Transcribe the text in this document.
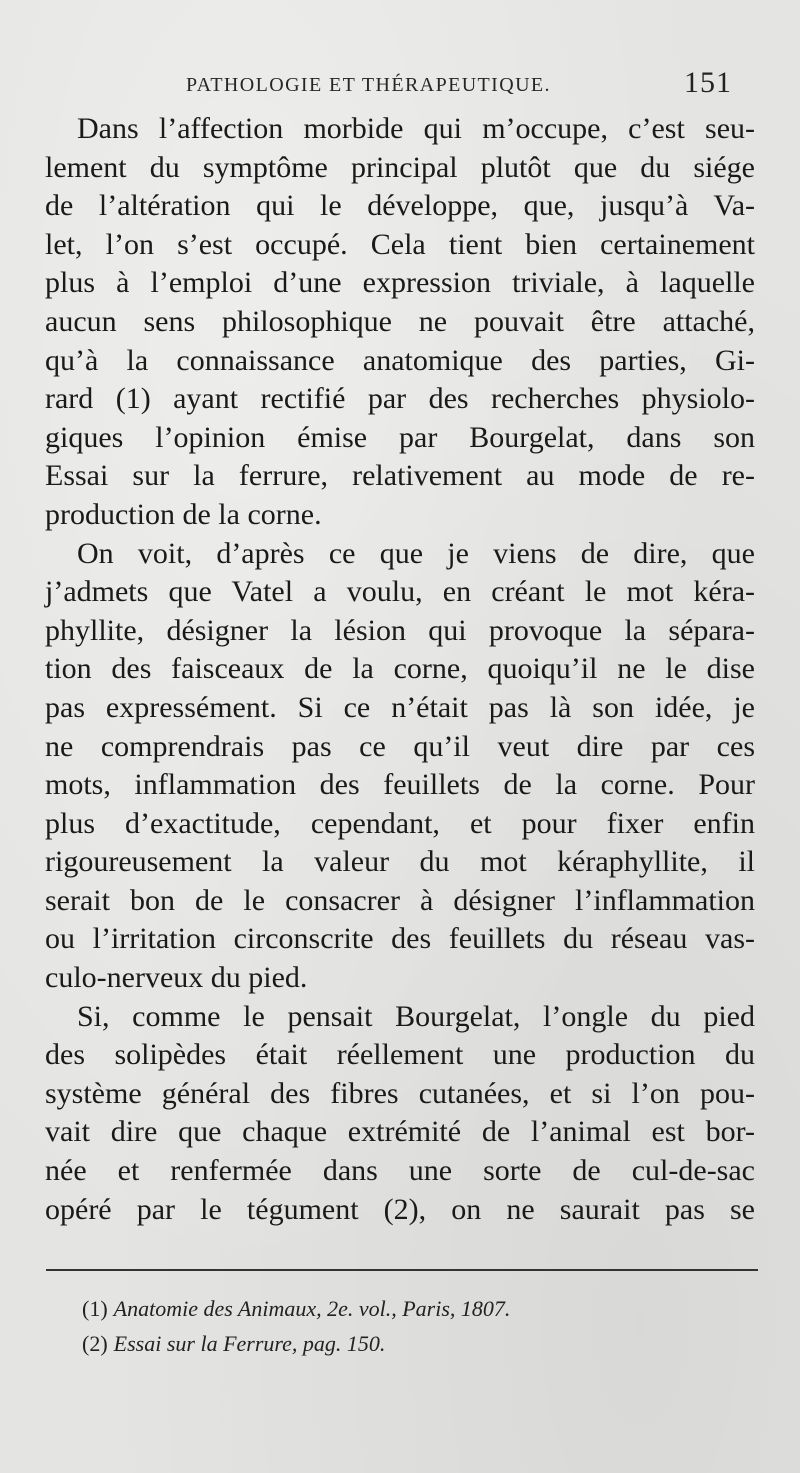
PATHOLOGIE ET THÉRAPEUTIQUE.	151
Dans l’affection morbide qui m’occupe, c’est seu-
lement du symptôme principal plutôt que du siége
de l’altération qui le développe, que, jusqu’à Va-
let, l’on s’est occupé. Cela tient bien certainement
plus à l’emploi d’une expression triviale, à laquelle
aucun sens philosophique ne pouvait être attaché,
qu’à la connaissance anatomique des parties, Gi-
rard (1) ayant rectifié par des recherches physiolo-
giques l’opinion émise par Bourgelat, dans son
Essai sur la ferrure, relativement au mode de re-
production de la corne.
On voit, d’après ce que je viens de dire, que
j’admets que Vatel a voulu, en créant le mot kéra-
phyllite, désigner la lésion qui provoque la sépara-
tion des faisceaux de la corne, quoiqu’il ne le dise
pas expressément. Si ce n’était pas là son idée, je
ne comprendrais pas ce qu’il veut dire par ces
mots, inflammation des feuillets de la corne. Pour
plus d’exactitude, cependant, et pour fixer enfin
rigoureusement la valeur du mot kéraphyllite, il
serait bon de le consacrer à désigner l’inflammation
ou l’irritation circonscrite des feuillets du réseau vas-
culo-nerveux du pied.
Si, comme le pensait Bourgelat, l’ongle du pied
des solipèdes était réellement une production du
système général des fibres cutanées, et si l’on pou-
vait dire que chaque extrémité de l’animal est bor-
née et renfermée dans une sorte de cul-de-sac
opéré par le tégument (2), on ne saurait pas se
(1) Anatomie des Animaux, 2e. vol., Paris, 1807.
(2) Essai sur la Ferrure, pag. 150.
